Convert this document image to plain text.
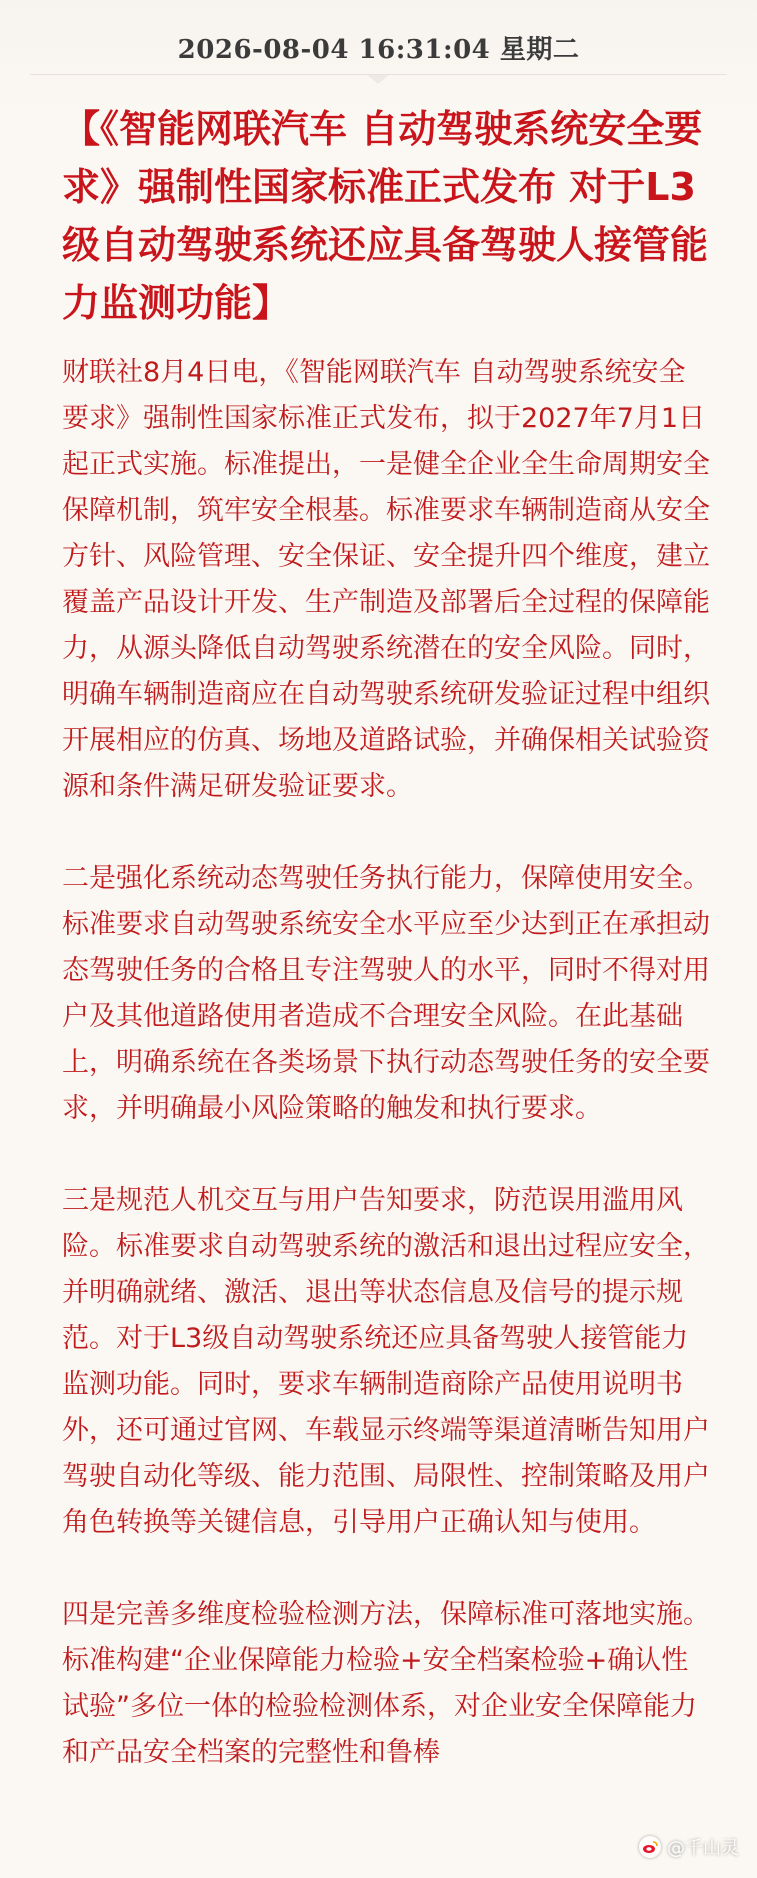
2026-08-04 16:31:04 星期二
【《智能网联汽车 自动驾驶系统安全要求》强制性国家标准正式发布 对于L3级自动驾驶系统还应具备驾驶人接管能力监测功能】

财联社8月4日电，《智能网联汽车 自动驾驶系统安全要求》强制性国家标准正式发布，拟于2027年7月1日起正式实施。标准提出，一是健全企业全生命周期安全保障机制，筑牢安全根基。标准要求车辆制造商从安全方针、风险管理、安全保证、安全提升四个维度，建立覆盖产品设计开发、生产制造及部署后全过程的保障能力，从源头降低自动驾驶系统潜在的安全风险。同时，明确车辆制造商应在自动驾驶系统研发验证过程中组织开展相应的仿真、场地及道路试验，并确保相关试验资源和条件满足研发验证要求。

二是强化系统动态驾驶任务执行能力，保障使用安全。标准要求自动驾驶系统安全水平应至少达到正在承担动态驾驶任务的合格且专注驾驶人的水平，同时不得对用户及其他道路使用者造成不合理安全风险。在此基础上，明确系统在各类场景下执行动态驾驶任务的安全要求，并明确最小风险策略的触发和执行要求。

三是规范人机交互与用户告知要求，防范误用滥用风险。标准要求自动驾驶系统的激活和退出过程应安全，并明确就绪、激活、退出等状态信息及信号的提示规范。对于L3级自动驾驶系统还应具备驾驶人接管能力监测功能。同时，要求车辆制造商除产品使用说明书外，还可通过官网、车载显示终端等渠道清晰告知用户驾驶自动化等级、能力范围、局限性、控制策略及用户角色转换等关键信息，引导用户正确认知与使用。

四是完善多维度检验检测方法，保障标准可落地实施。标准构建“企业保障能力检验+安全档案检验+确认性试验”多位一体的检验检测体系，对企业安全保障能力和产品安全档案的完整性和鲁棒

@千山灵
